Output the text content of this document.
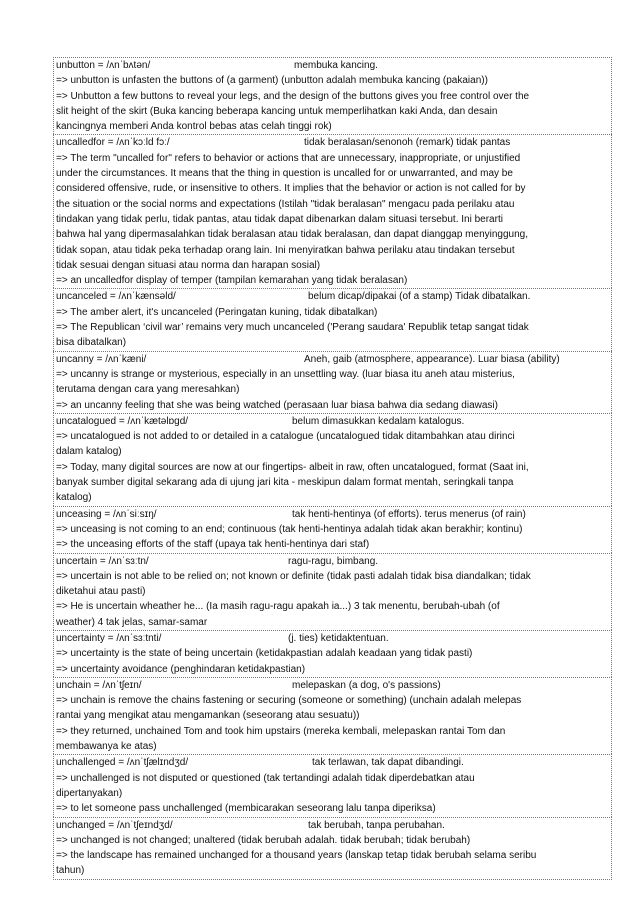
unbutton = /ʌnˈbʌtən/	membuka kancing.
=> unbutton is unfasten the buttons of (a garment) (unbutton adalah membuka kancing (pakaian))
=> Unbutton a few buttons to reveal your legs, and the design of the buttons gives you free control over the
slit height of the skirt (Buka kancing beberapa kancing untuk memperlihatkan kaki Anda, dan desain
kancingnya memberi Anda kontrol bebas atas celah tinggi rok)
uncalledfor = /ʌnˈkɔːld fɔː/	tidak beralasan/senonoh (remark) tidak pantas
=> The term "uncalled for" refers to behavior or actions that are unnecessary, inappropriate, or unjustified
under the circumstances. It means that the thing in question is uncalled for or unwarranted, and may be
considered offensive, rude, or insensitive to others. It implies that the behavior or action is not called for by
the situation or the social norms and expectations (Istilah "tidak beralasan" mengacu pada perilaku atau
tindakan yang tidak perlu, tidak pantas, atau tidak dapat dibenarkan dalam situasi tersebut. Ini berarti
bahwa hal yang dipermasalahkan tidak beralasan atau tidak beralasan, dan dapat dianggap menyinggung,
tidak sopan, atau tidak peka terhadap orang lain. Ini menyiratkan bahwa perilaku atau tindakan tersebut
tidak sesuai dengan situasi atau norma dan harapan sosial)
=> an uncalledfor display of temper (tampilan kemarahan yang tidak beralasan)
uncanceled = /ʌnˈkænsəld/	belum dicap/dipakai (of a stamp) Tidak dibatalkan.
=> The amber alert, it's uncanceled (Peringatan kuning, tidak dibatalkan)
=> The Republican ‘civil war’ remains very much uncanceled ('Perang saudara' Republik tetap sangat tidak
bisa dibatalkan)
uncanny = /ʌnˈkæni/	Aneh, gaib (atmosphere, appearance). Luar biasa (ability)
=> uncanny is strange or mysterious, especially in an unsettling way. (luar biasa itu aneh atau misterius,
terutama dengan cara yang meresahkan)
=> an uncanny feeling that she was being watched (perasaan luar biasa bahwa dia sedang diawasi)
uncatalogued = /ʌnˈkætəlɒgd/	belum dimasukkan kedalam katalogus.
=> uncatalogued is not added to or detailed in a catalogue (uncatalogued tidak ditambahkan atau dirinci
dalam katalog)
=> Today, many digital sources are now at our fingertips- albeit in raw, often uncatalogued, format (Saat ini,
banyak sumber digital sekarang ada di ujung jari kita - meskipun dalam format mentah, seringkali tanpa
katalog)
unceasing = /ʌnˈsiːsɪŋ/	tak henti-hentinya (of efforts). terus menerus (of rain)
=> unceasing is not coming to an end; continuous (tak henti-hentinya adalah tidak akan berakhir; kontinu)
=> the unceasing efforts of the staff (upaya tak henti-hentinya dari staf)
uncertain = /ʌnˈsɜːtn/	ragu-ragu, bimbang.
=> uncertain is not able to be relied on; not known or definite (tidak pasti adalah tidak bisa diandalkan; tidak
diketahui atau pasti)
=> He is uncertain wheather he... (Ia masih ragu-ragu apakah ia...) 3 tak menentu, berubah-ubah (of
weather) 4 tak jelas, samar-samar
uncertainty = /ʌnˈsɜːtnti/	(j. ties) ketidaktentuan.
=> uncertainty is the state of being uncertain (ketidakpastian adalah keadaan yang tidak pasti)
=> uncertainty avoidance (penghindaran ketidakpastian)
unchain = /ʌnˈtʃeɪn/	melepaskan (a dog, o's passions)
=> unchain is remove the chains fastening or securing (someone or something) (unchain adalah melepas
rantai yang mengikat atau mengamankan (seseorang atau sesuatu))
=> they returned, unchained Tom and took him upstairs (mereka kembali, melepaskan rantai Tom dan
membawanya ke atas)
unchallenged = /ʌnˈtʃælɪndʒd/	tak terlawan, tak dapat dibandingi.
=> unchallenged is not disputed or questioned (tak tertandingi adalah tidak diperdebatkan atau
dipertanyakan)
=> to let someone pass unchallenged (membicarakan seseorang lalu tanpa diperiksa)
unchanged = /ʌnˈtʃeɪndʒd/	tak berubah, tanpa perubahan.
=> unchanged is not changed; unaltered (tidak berubah adalah. tidak berubah; tidak berubah)
=> the landscape has remained unchanged for a thousand years (lanskap tetap tidak berubah selama seribu
tahun)
